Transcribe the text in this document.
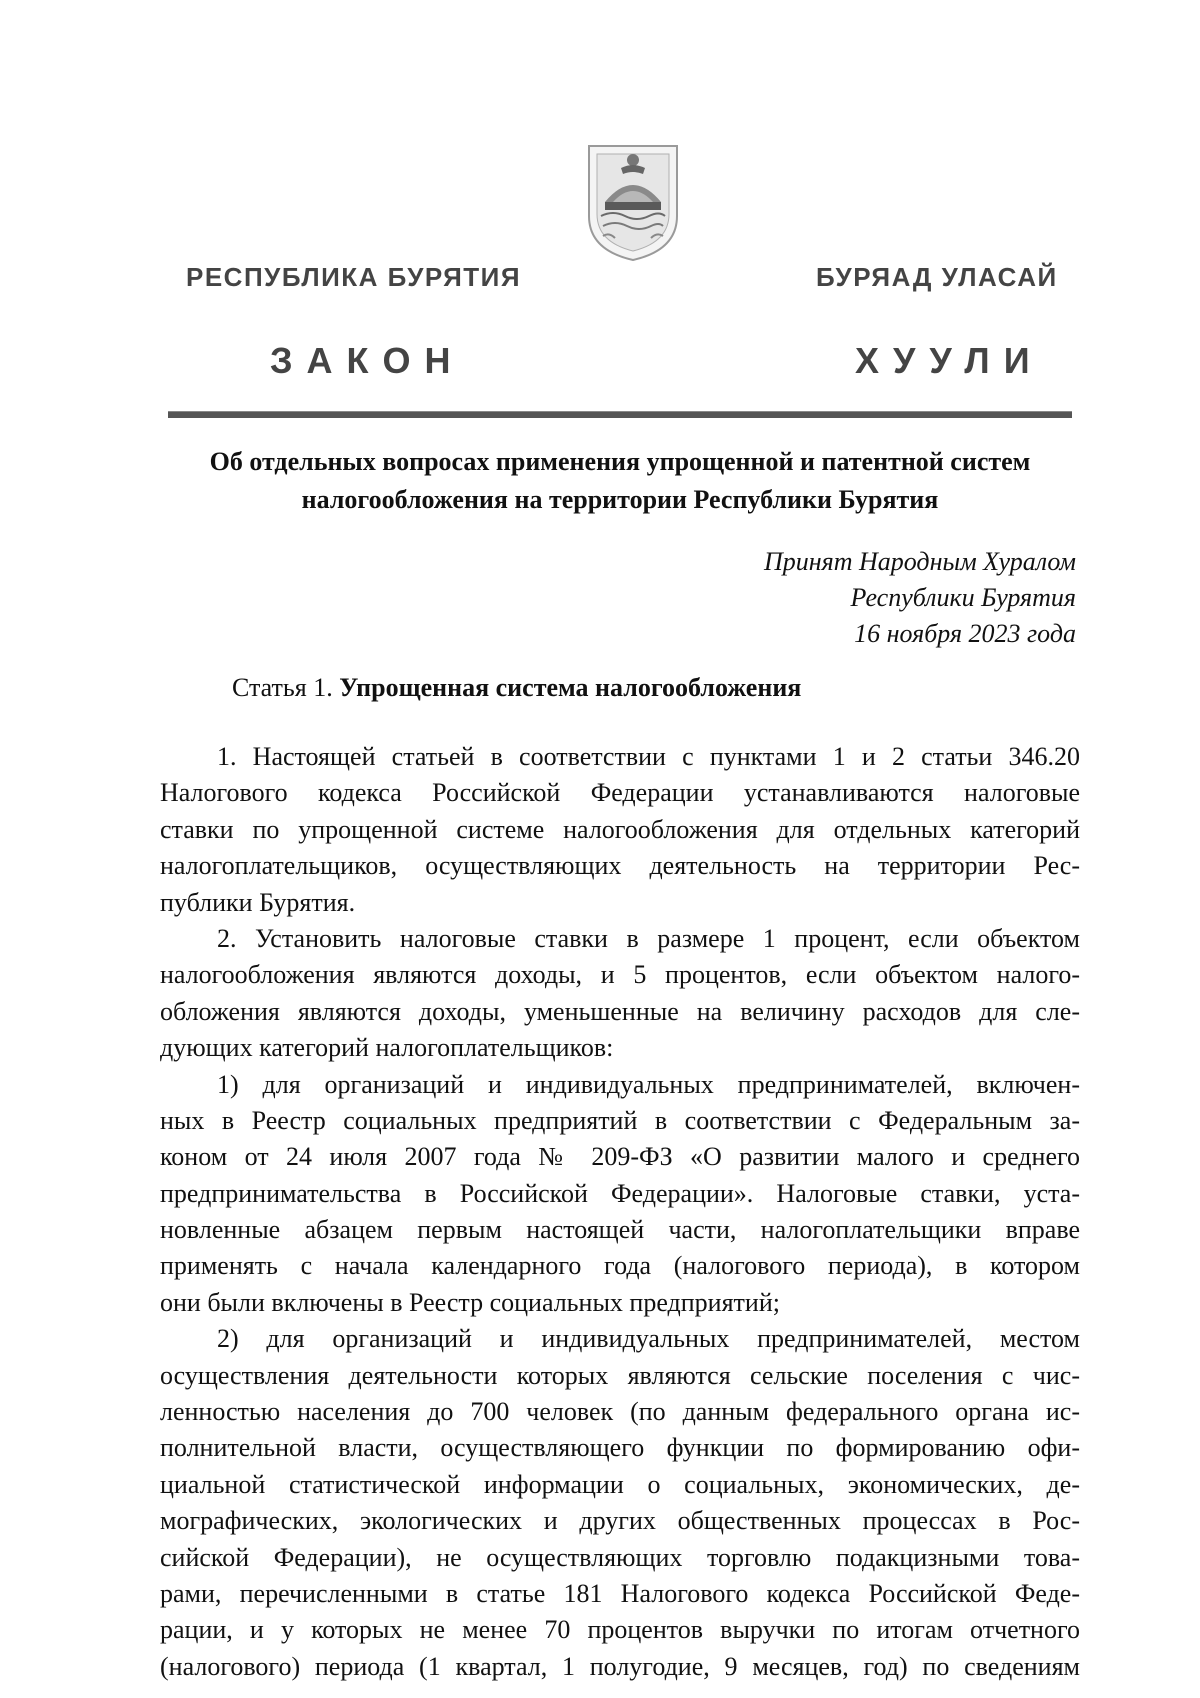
РЕСПУБЛИКА БУРЯТИЯ	БУРЯАД УЛАСАЙ
ЗАКОН	ХУУЛИ
Об отдельных вопросах применения упрощенной и патентной систем
налогообложения на территории Республики Бурятия
Принят Народным Хуралом
Республики Бурятия
16 ноября 2023 года
Статья 1. Упрощенная система налогообложения

1. Настоящей статьей в соответствии с пунктами 1 и 2 статьи 346.20
Налогового кодекса Российской Федерации устанавливаются налоговые
ставки по упрощенной системе налогообложения для отдельных категорий
налогоплательщиков, осуществляющих деятельность на территории Рес-
публики Бурятия.

2. Установить налоговые ставки в размере 1 процент, если объектом
налогообложения являются доходы, и 5 процентов, если объектом налого-
обложения являются доходы, уменьшенные на величину расходов для сле-
дующих категорий налогоплательщиков:

1) для организаций и индивидуальных предпринимателей, включен-
ных в Реестр социальных предприятий в соответствии с Федеральным за-
коном от 24 июля 2007 года № 209-ФЗ «О развитии малого и среднего
предпринимательства в Российской Федерации». Налоговые ставки, уста-
новленные абзацем первым настоящей части, налогоплательщики вправе
применять с начала календарного года (налогового периода), в котором
они были включены в Реестр социальных предприятий;

2) для организаций и индивидуальных предпринимателей, местом
осуществления деятельности которых являются сельские поселения с чис-
ленностью населения до 700 человек (по данным федерального органа ис-
полнительной власти, осуществляющего функции по формированию офи-
циальной статистической информации о социальных, экономических, де-
мографических, экологических и других общественных процессах в Рос-
сийской Федерации), не осуществляющих торговлю подакцизными това-
рами, перечисленными в статье 181 Налогового кодекса Российской Феде-
рации, и у которых не менее 70 процентов выручки по итогам отчетного
(налогового) периода (1 квартал, 1 полугодие, 9 месяцев, год) по сведениям
